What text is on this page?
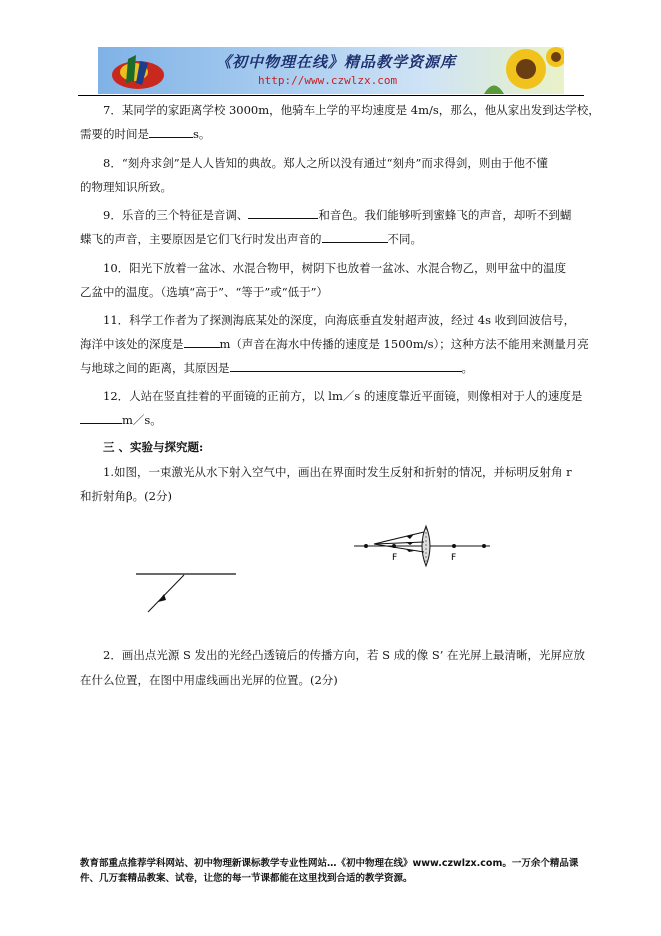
《初中物理在线》精品教学资源库
http://www.czwlzx.com
7．某同学的家距离学校 3000m，他骑车上学的平均速度是 4m/s，那么，他从家出发到达学校，
需要的时间是	s。
8．“刻舟求剑”是人人皆知的典故。郑人之所以没有通过“刻舟”而求得剑，则由于他不懂
的物理知识所致。
9．乐音的三个特征是音调、	和音色。我们能够听到蜜蜂飞的声音，却听不到蝴
蝶飞的声音，主要原因是它们飞行时发出声音的	不同。
10．阳光下放着一盆冰、水混合物甲，树阴下也放着一盆冰、水混合物乙，则甲盆中的温度
乙盆中的温度。（选填“高于”、“等于”或“低于”）
11．科学工作者为了探测海底某处的深度，向海底垂直发射超声波，经过 4s 收到回波信号，
海洋中该处的深度是	m（声音在海水中传播的速度是 1500m/s）；这种方法不能用来测量月亮
与地球之间的距离，其原因是	。
12．人站在竖直挂着的平面镜的正前方，以 lm／s 的速度靠近平面镜，则像相对于人的速度是
m／s。
三 、实验与探究题:
1.如图，一束激光从水下射入空气中，画出在界面时发生反射和折射的情况，并标明反射角 r
和折射角β。(2分)
2．画出点光源 S 发出的光经凸透镜后的传播方向，若 S 成的像 S’ 在光屏上最清晰，光屏应放
在什么位置，在图中用虚线画出光屏的位置。(2分)
F	F
教育部重点推荐学科网站、初中物理新课标教学专业性网站…《初中物理在线》www.czwlzx.com。一万余个精品课件、几万套精品教案、试卷，让您的每一节课都能在这里找到合适的教学资源。
